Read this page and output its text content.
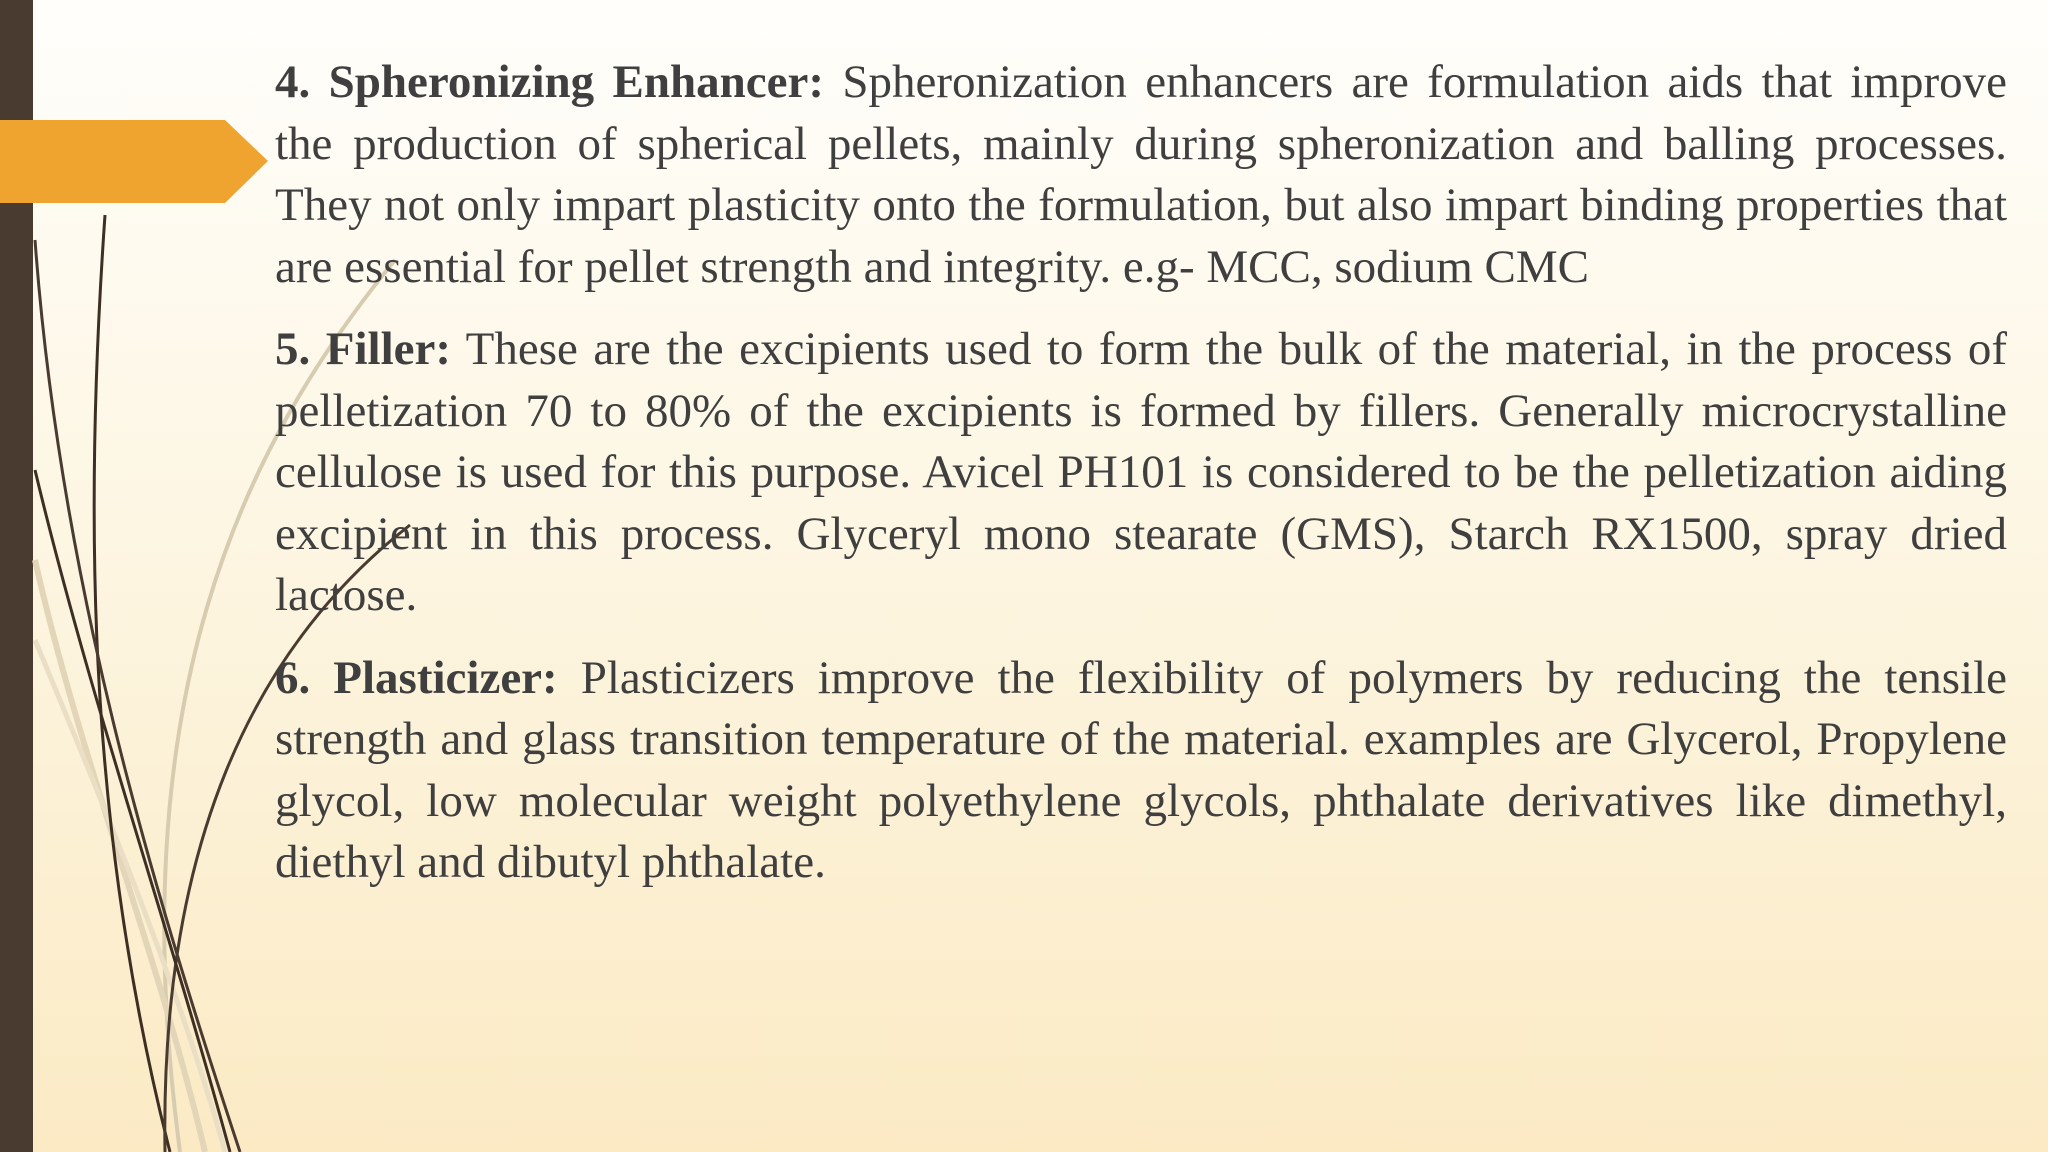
4. Spheronizing Enhancer: Spheronization enhancers are formulation aids that improve the production of spherical pellets, mainly during spheronization and balling processes. They not only impart plasticity onto the formulation, but also impart binding properties that are essential for pellet strength and integrity. e.g- MCC, sodium CMC

5. Filler: These are the excipients used to form the bulk of the material, in the process of pelletization 70 to 80% of the excipients is formed by fillers. Generally microcrystalline cellulose is used for this purpose. Avicel PH101 is considered to be the pelletization aiding excipient in this process. Glyceryl mono stearate (GMS), Starch RX1500, spray dried lactose.

6. Plasticizer: Plasticizers improve the flexibility of polymers by reducing the tensile strength and glass transition temperature of the material. examples are Glycerol, Propylene glycol, low molecular weight polyethylene glycols, phthalate derivatives like dimethyl, diethyl and dibutyl phthalate.
